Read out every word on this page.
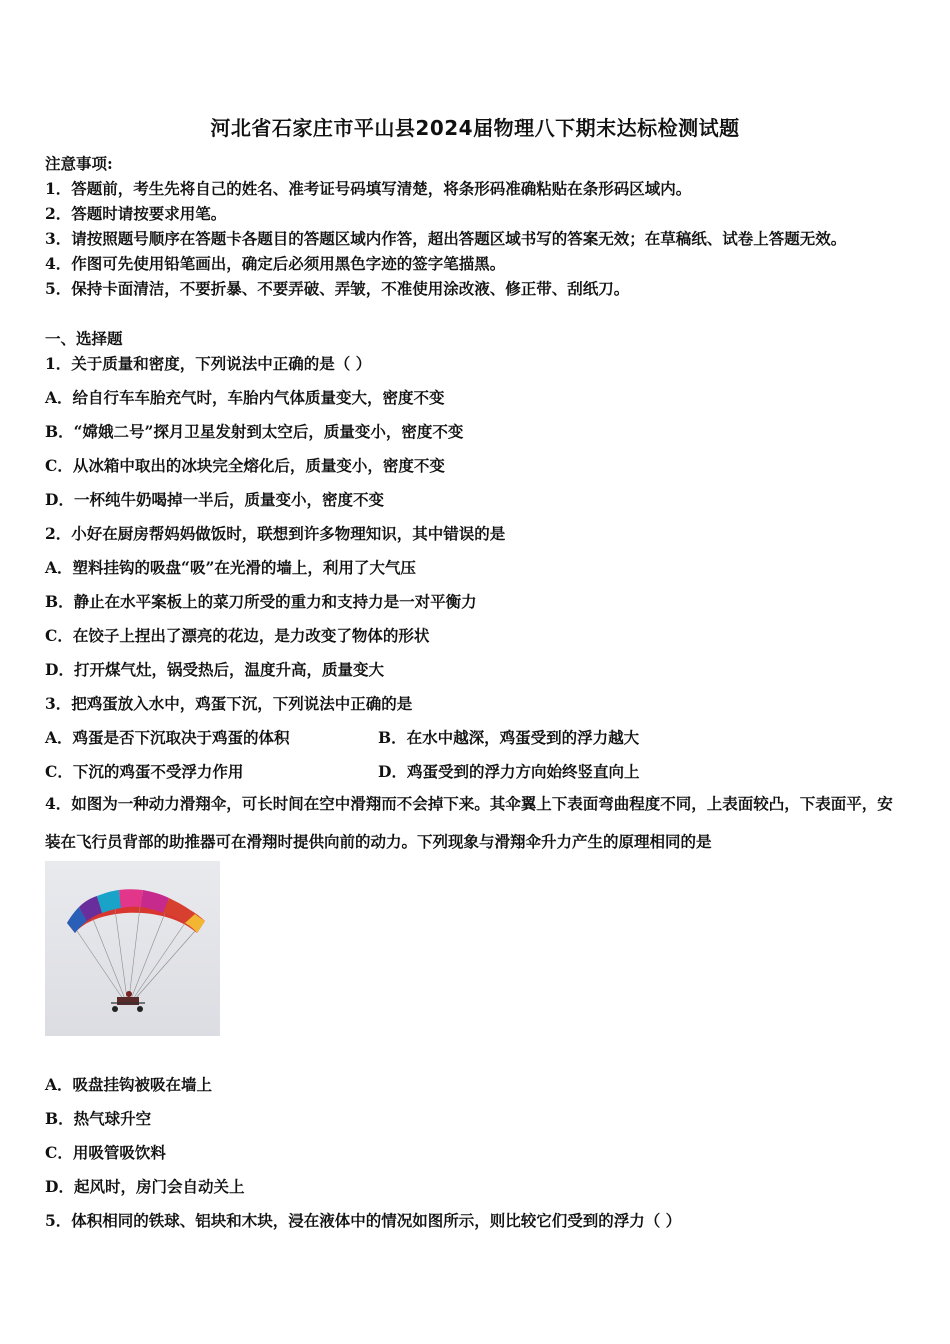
河北省石家庄市平山县2024届物理八下期末达标检测试题
注意事项:
1．答题前，考生先将自己的姓名、准考证号码填写清楚，将条形码准确粘贴在条形码区域内。
2．答题时请按要求用笔。
3．请按照题号顺序在答题卡各题目的答题区域内作答，超出答题区域书写的答案无效；在草稿纸、试卷上答题无效。
4．作图可先使用铅笔画出，确定后必须用黑色字迹的签字笔描黑。
5．保持卡面清洁，不要折暴、不要弄破、弄皱，不准使用涂改液、修正带、刮纸刀。
一、选择题
1．关于质量和密度，下列说法中正确的是（ ）
A．给自行车车胎充气时，车胎内气体质量变大，密度不变
B．“嫦娥二号”探月卫星发射到太空后，质量变小，密度不变
C．从冰箱中取出的冰块完全熔化后，质量变小，密度不变
D．一杯纯牛奶喝掉一半后，质量变小，密度不变
2．小好在厨房帮妈妈做饭时，联想到许多物理知识，其中错误的是
A．塑料挂钩的吸盘“吸”在光滑的墙上，利用了大气压
B．静止在水平案板上的菜刀所受的重力和支持力是一对平衡力
C．在饺子上捏出了漂亮的花边，是力改变了物体的形状
D．打开煤气灶，锅受热后，温度升高，质量变大
3．把鸡蛋放入水中，鸡蛋下沉，下列说法中正确的是
A．鸡蛋是否下沉取决于鸡蛋的体积	B．在水中越深，鸡蛋受到的浮力越大
C．下沉的鸡蛋不受浮力作用	D．鸡蛋受到的浮力方向始终竖直向上
4．如图为一种动力滑翔伞，可长时间在空中滑翔而不会掉下来。其伞翼上下表面弯曲程度不同，上表面较凸，下表面平，安装在飞行员背部的助推器可在滑翔时提供向前的动力。下列现象与滑翔伞升力产生的原理相同的是
A．吸盘挂钩被吸在墙上
B．热气球升空
C．用吸管吸饮料
D．起风时，房门会自动关上
5．体积相同的铁球、铝块和木块，浸在液体中的情况如图所示，则比较它们受到的浮力（ ）
